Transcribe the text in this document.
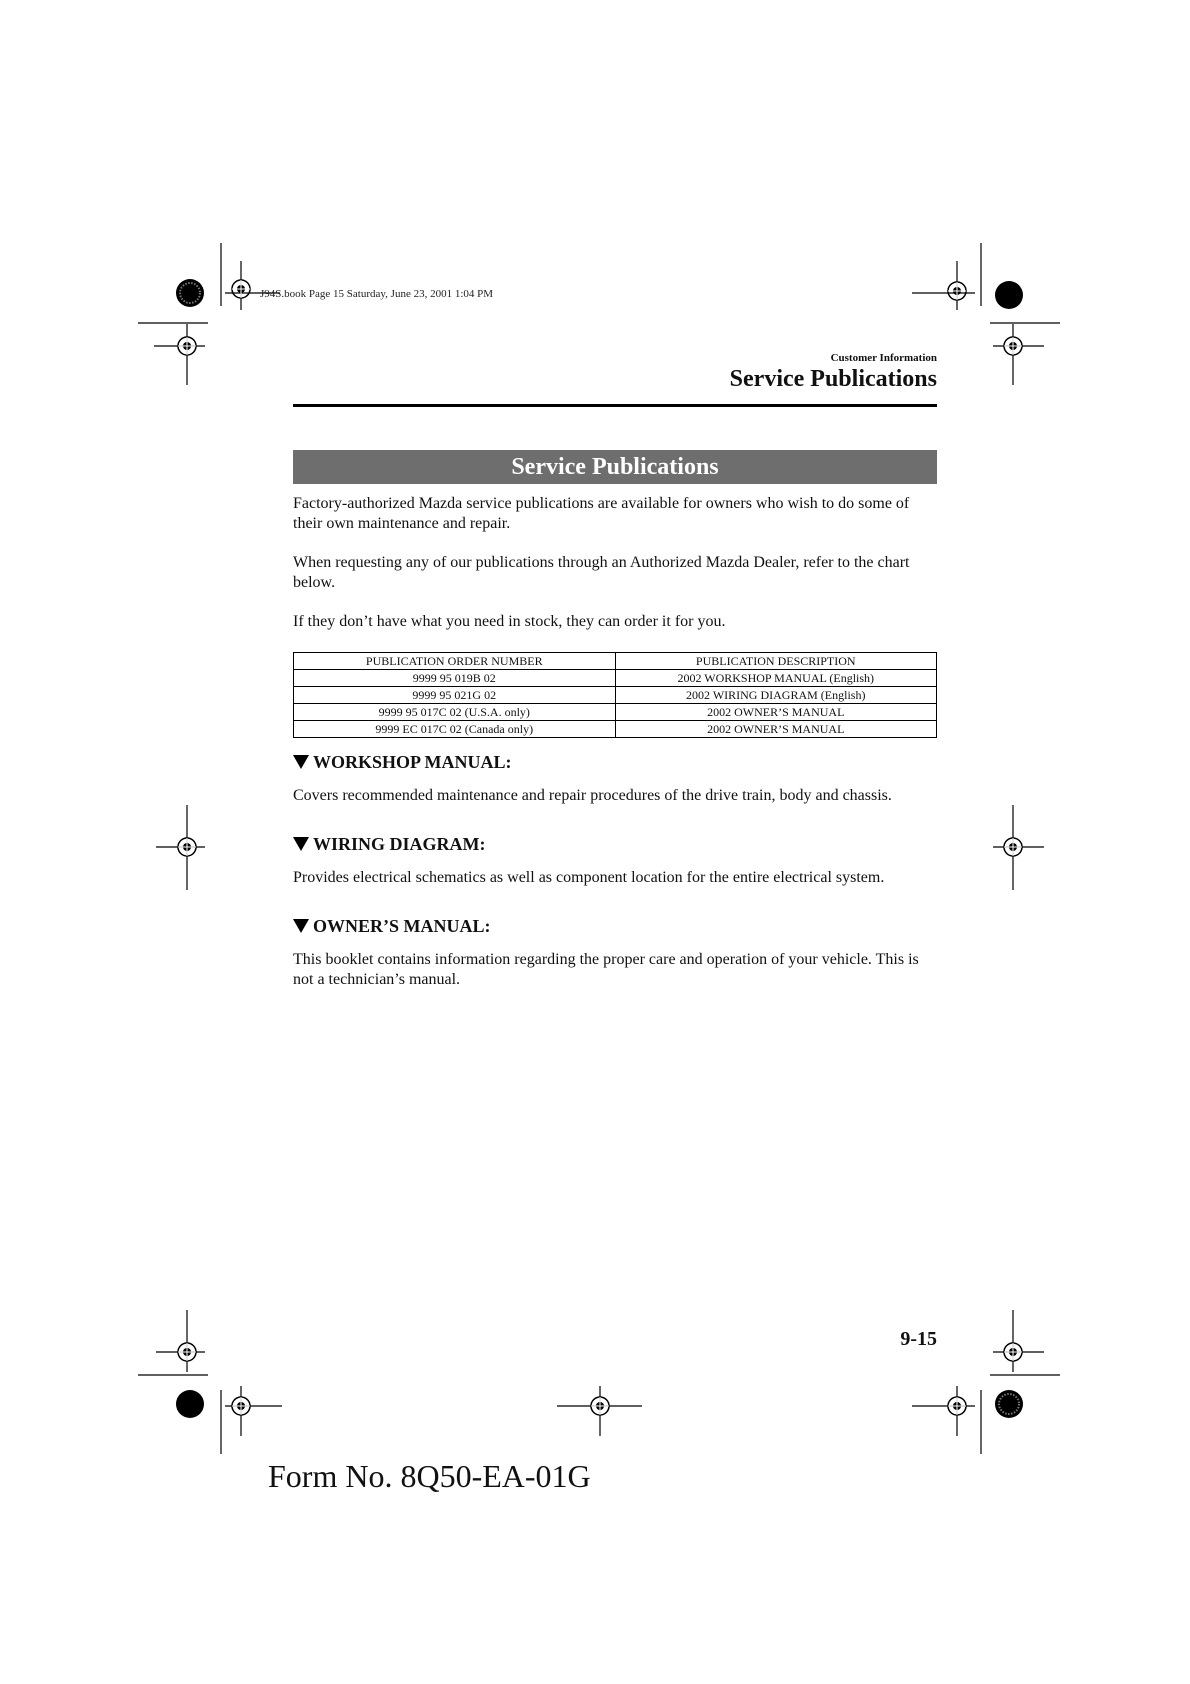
J94S.book Page 15 Saturday, June 23, 2001 1:04 PM
Customer Information
Service Publications
Service Publications
Factory-authorized Mazda service publications are available for owners who wish to do some of their own maintenance and repair.
When requesting any of our publications through an Authorized Mazda Dealer, refer to the chart below.
If they don’t have what you need in stock, they can order it for you.
PUBLICATION ORDER NUMBER	PUBLICATION DESCRIPTION
9999 95 019B 02	2002 WORKSHOP MANUAL (English)
9999 95 021G 02	2002 WIRING DIAGRAM (English)
9999 95 017C 02 (U.S.A. only)	2002 OWNER’S MANUAL
9999 EC 017C 02 (Canada only)	2002 OWNER’S MANUAL
WORKSHOP MANUAL:
Covers recommended maintenance and repair procedures of the drive train, body and chassis.
WIRING DIAGRAM:
Provides electrical schematics as well as component location for the entire electrical system.
OWNER’S MANUAL:
This booklet contains information regarding the proper care and operation of your vehicle. This is not a technician’s manual.
9-15
Form No. 8Q50-EA-01G
